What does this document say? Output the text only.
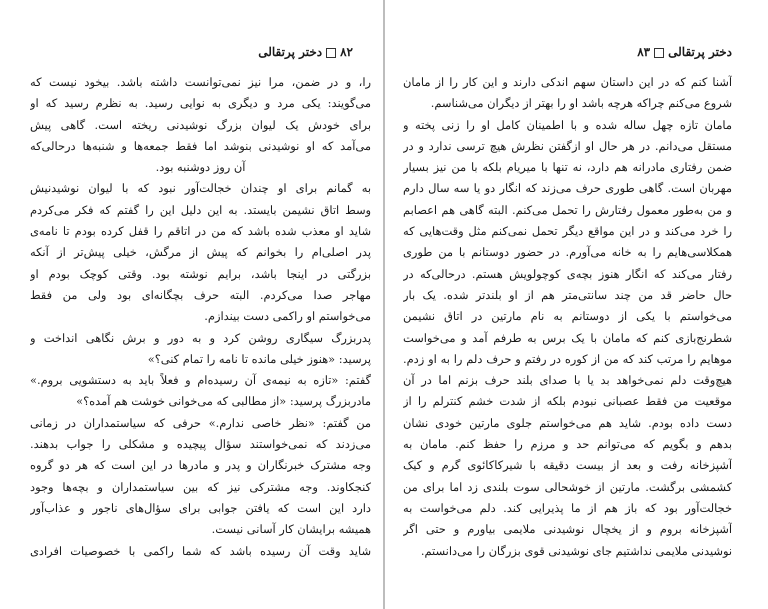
۸۲دختر پرتقالی
را، و در ضمن، مرا نیز نمی‌توانست داشته باشد. بیخود نیست که
می‌گویند: یکی مرد و دیگری به نوایی رسید. به نظرم رسید که او
برای خودش یک لیوان بزرگ نوشیدنی ریخته است. گاهی پیش
می‌آمد که او نوشیدنی بنوشد اما فقط جمعه‌ها و شنبه‌ها درحالی‌که
آن روز دوشنبه بود.
به گمانم برای او چندان خجالت‌آور نبود که با لیوان نوشیدنیش
وسط اتاق نشیمن بایستد. به این دلیل این را گفتم که فکر می‌کردم
شاید او معذب شده باشد که من در اتاقم را قفل کرده بودم تا نامه‌ی
پدر اصلی‌ام را بخوانم که پیش از مرگش، خیلی پیش‌تر از آنکه
بزرگتی در اینجا باشد، برایم نوشته بود. وقتی کوچک بودم او
مهاجر صدا می‌کردم. البته حرف بچگانه‌ای بود ولی من فقط
می‌خواستم او راکمی دست بیندازم.
پدربزرگ سیگاری روشن کرد و به دور و برش نگاهی انداخت و
پرسید: «هنوز خیلی مانده تا نامه را تمام کنی؟»
گفتم: «تازه به نیمه‌ی آن رسیده‌ام و فعلاً باید به دستشویی بروم.»
مادربزرگ پرسید: «از مطالبی که می‌خوانی خوشت هم آمده؟»
من گفتم: «نظر خاصی ندارم.» حرفی که سیاستمداران در زمانی
می‌زدند که نمی‌خواستند سؤال پیچیده و مشکلی را جواب بدهند.
وجه مشترک خبرنگاران و پدر و مادرها در این است که هر دو گروه
کنجکاوند. وجه مشترکی نیز که بین سیاستمداران و بچه‌ها وجود
دارد این است که یافتن جوابی برای سؤال‌های ناجور و عذاب‌آور
همیشه برایشان کار آسانی نیست.
شاید وقت آن رسیده باشد که شما راکمی با خصوصیات افرادی
دختر پرتقالی۸۳
آشنا کنم که در این داستان سهم اندکی دارند و این کار را از مامان
شروع می‌کنم چراکه هرچه باشد او را بهتر از دیگران می‌شناسم.
مامان تازه چهل ساله شده و با اطمینان کامل او را زنی پخته و
مستقل می‌دانم. در هر حال او ازگفتن نظرش هیچ ترسی ندارد و در
ضمن رفتاری مادرانه هم دارد، نه تنها با میریام بلکه با من نیز بسیار
مهربان است. گاهی طوری حرف می‌زند که انگار دو یا سه سال دارم
و من به‌طور معمول رفتارش را تحمل می‌کنم. البته گاهی هم اعصابم
را خرد می‌کند و در این مواقع دیگر تحمل نمی‌کنم مثل وقت‌هایی که
همکلاسی‌هایم را به خانه می‌آورم. در حضور دوستانم با من طوری
رفتار می‌کند که انگار هنوز بچه‌ی کوچولویش هستم. درحالی‌که در
حال حاضر قد من چند سانتی‌متر هم از او بلندتر شده. یک بار
می‌خواستم با یکی از دوستانم به نام مارتین در اتاق نشیمن
شطرنج‌بازی کنم که مامان با یک برس به طرفم آمد و می‌خواست
موهایم را مرتب کند که من از کوره در رفتم و حرف دلم را به او زدم.
هیچ‌وقت دلم نمی‌خواهد بد یا با صدای بلند حرف بزنم اما در آن
موقعیت من فقط عصبانی نبودم بلکه از شدت خشم کنترلم را از
دست داده بودم. شاید هم می‌خواستم جلوی مارتین خودی نشان
بدهم و بگویم که می‌توانم حد و مرزم را حفظ کنم. مامان به
آشپزخانه رفت و بعد از بیست دقیقه با شیرکاکائوی گرم و کیک
کشمشی برگشت. مارتین از خوشحالی سوت بلندی زد اما برای من
خجالت‌آور بود که باز هم از ما پذیرایی کند. دلم می‌خواست به
آشپزخانه بروم و از یخچال نوشیدنی ملایمی بیاورم و حتی اگر
نوشیدنی ملایمی نداشتیم جای نوشیدنی قوی بزرگان را می‌دانستم.
